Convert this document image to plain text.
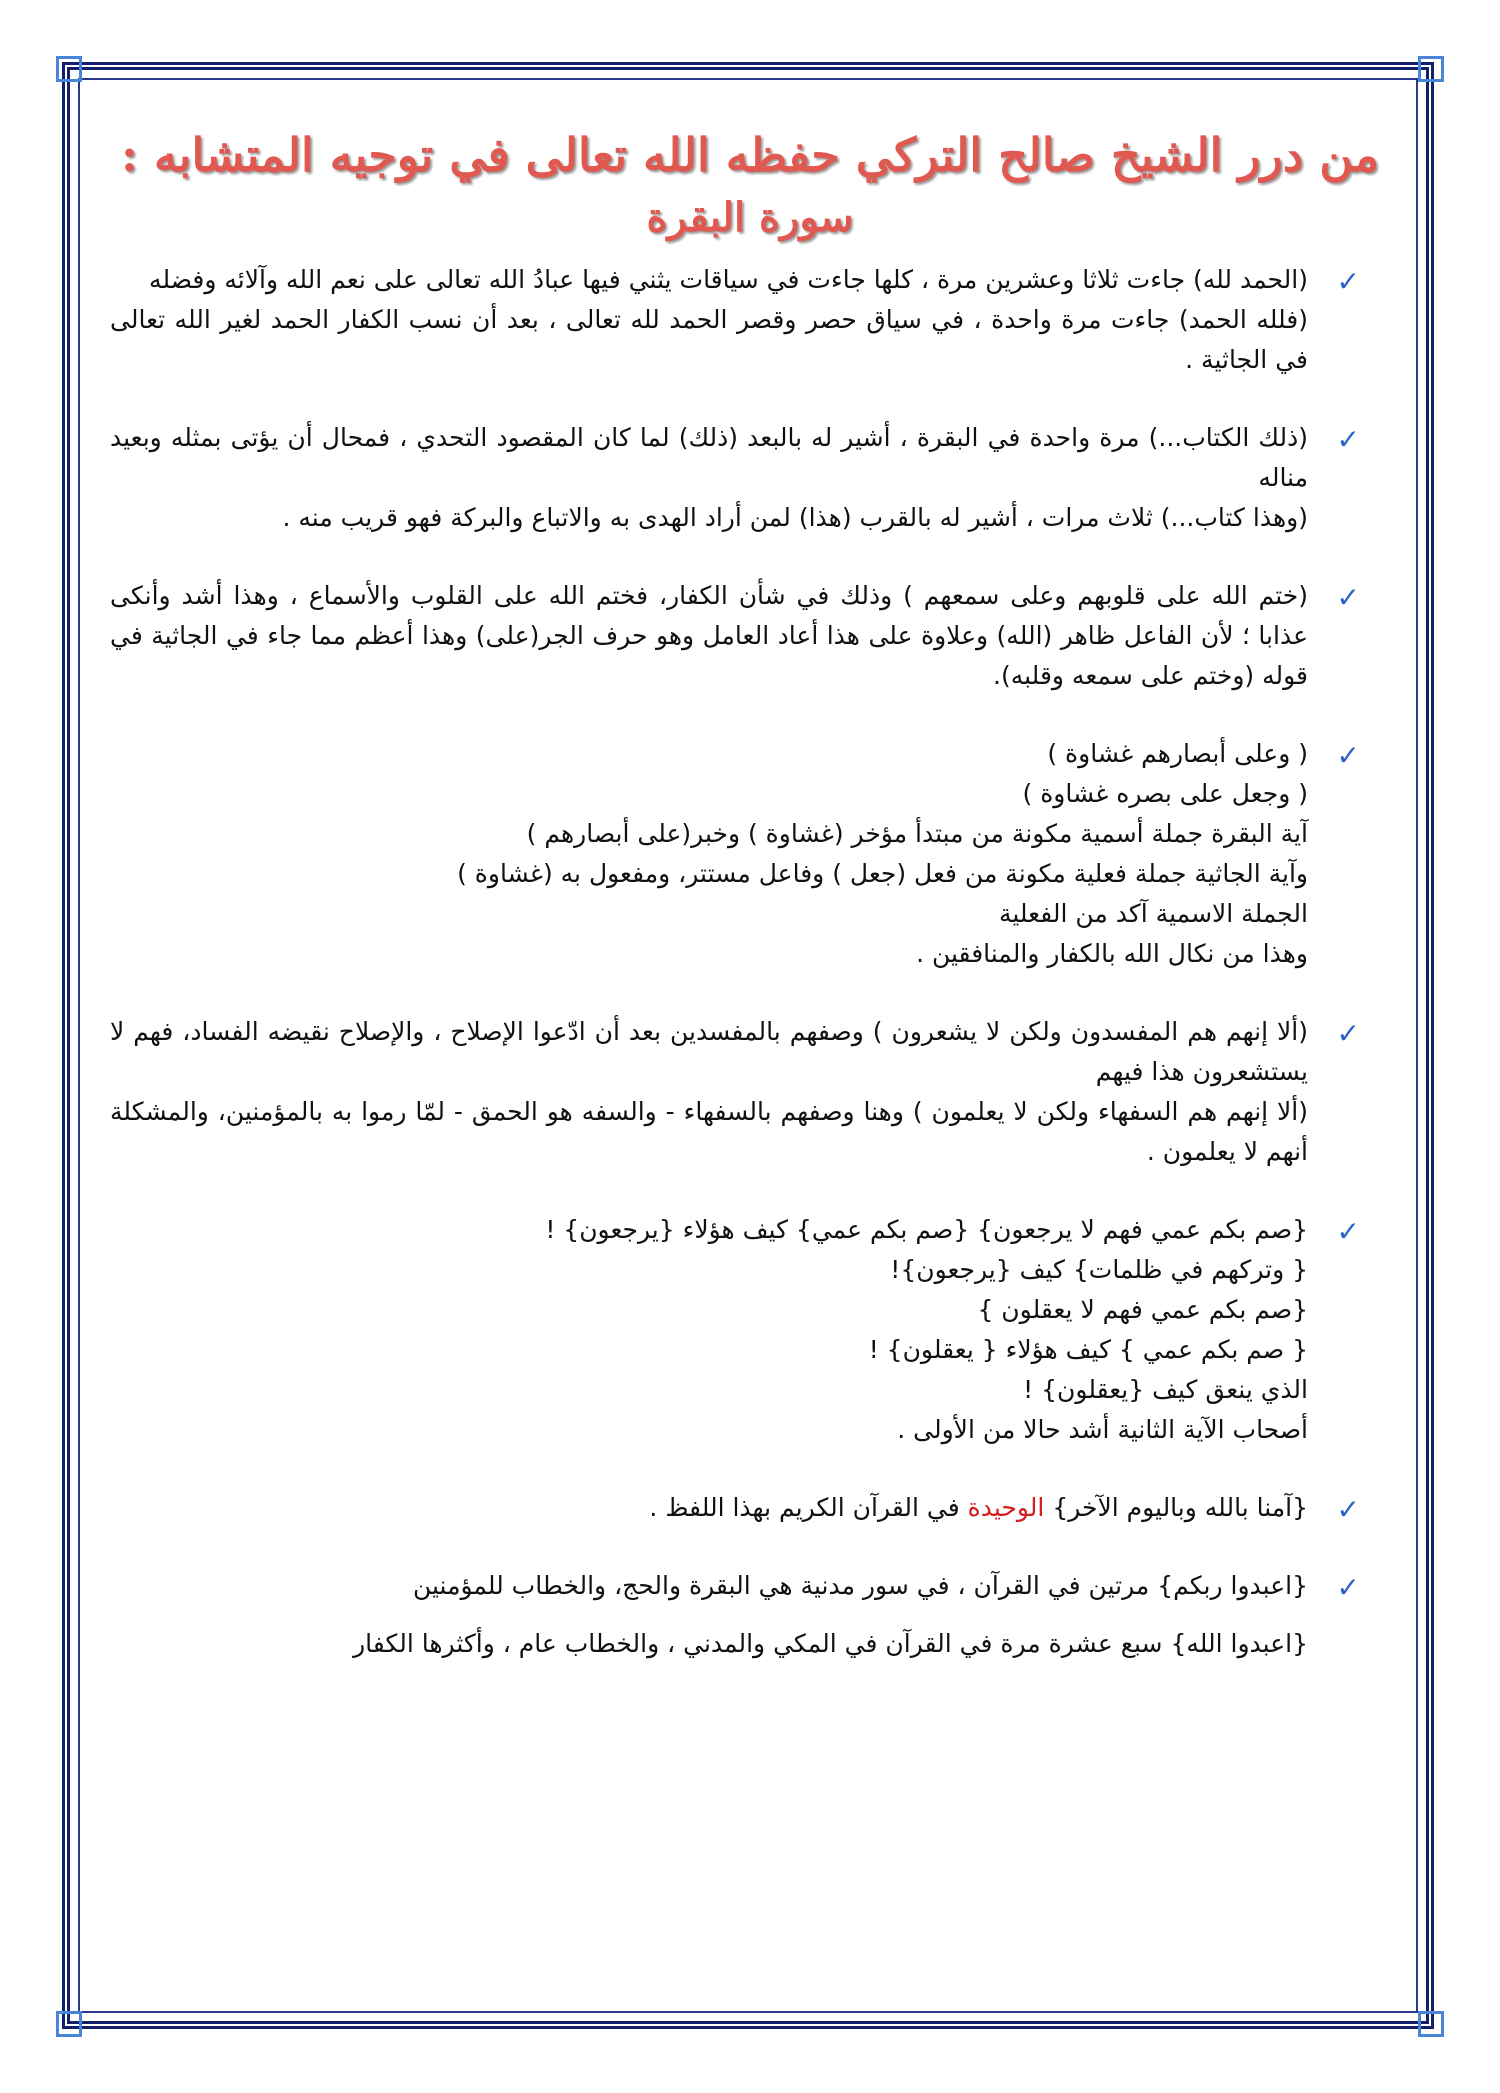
من درر الشيخ صالح التركي حفظه الله تعالى في توجيه المتشابه :
سورة البقرة
✓
(الحمد لله) جاءت ثلاثا وعشرين مرة ، كلها جاءت في سياقات يثني فيها عبادُ الله تعالى على نعم الله وآلائه وفضله
(فلله الحمد) جاءت مرة واحدة ، في سياق حصر وقصر الحمد لله تعالى ، بعد أن نسب الكفار الحمد لغير الله تعالى في الجاثية .
✓
(ذلك الكتاب...) مرة واحدة في البقرة ، أشير له بالبعد (ذلك) لما كان المقصود التحدي ، فمحال أن يؤتى بمثله وبعيد مناله
(وهذا كتاب...) ثلاث مرات ، أشير له بالقرب (هذا) لمن أراد الهدى به والاتباع والبركة فهو قريب منه .
✓
(ختم الله على قلوبهم وعلى سمعهم ) وذلك في شأن الكفار، فختم الله على القلوب والأسماع ، وهذا أشد وأنكى عذابا ؛ لأن الفاعل ظاهر (الله) وعلاوة على هذا أعاد العامل وهو حرف الجر(على) وهذا أعظم مما جاء في الجاثية في قوله (وختم على سمعه وقلبه).
✓
( وعلى أبصارهم غشاوة )
( وجعل على بصره غشاوة )
آية البقرة جملة أسمية مكونة من مبتدأ مؤخر (غشاوة ) وخبر(على أبصارهم )
وآية الجاثية جملة فعلية مكونة من فعل (جعل ) وفاعل مستتر، ومفعول به (غشاوة )
الجملة الاسمية آكد من الفعلية
وهذا من نكال الله بالكفار والمنافقين .
✓
(ألا إنهم هم المفسدون ولكن لا يشعرون ) وصفهم بالمفسدين بعد أن ادّعوا الإصلاح ، والإصلاح نقيضه الفساد، فهم لا يستشعرون هذا فيهم
(ألا إنهم هم السفهاء ولكن لا يعلمون ) وهنا وصفهم بالسفهاء - والسفه هو الحمق - لمّا رموا به بالمؤمنين، والمشكلة أنهم لا يعلمون .
✓
{صم بكم عمي فهم لا يرجعون} {صم بكم عمي} كيف هؤلاء {يرجعون} !
{ وتركهم في ظلمات} كيف {يرجعون}!
{صم بكم عمي فهم لا يعقلون }
{ صم بكم عمي } كيف هؤلاء { يعقلون} !
الذي ينعق كيف {يعقلون} !
أصحاب الآية الثانية أشد حالا من الأولى .
✓
{آمنا بالله وباليوم الآخر} الوحيدة في القرآن الكريم بهذا اللفظ .
✓
{اعبدوا ربكم} مرتين في القرآن ، في سور مدنية هي البقرة والحج، والخطاب للمؤمنين
{اعبدوا الله} سبع عشرة مرة في القرآن في المكي والمدني ، والخطاب عام ، وأكثرها الكفار
